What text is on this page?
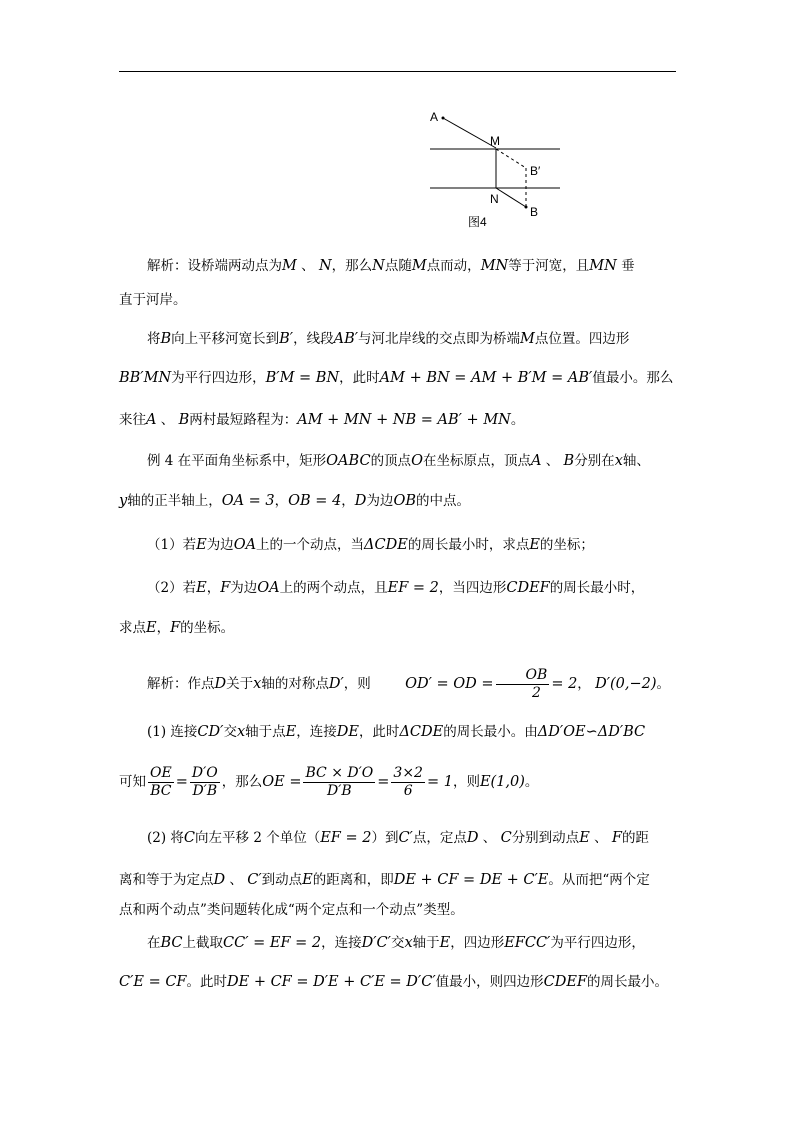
A
M
B′
N
B
图4

解析：设桥端两动点为M 、 N，那么N点随M点而动，MN等于河宽，且MN 垂

直于河岸。

将B向上平移河宽长到B′，线段AB′与河北岸线的交点即为桥端M点位置。四边形

BB′MN为平行四边形，B′M = BN，此时AM + BN = AM + B′M = AB′值最小。那么

来往A 、 B两村最短路程为：AM + MN + NB = AB′ + MN。

例 4 在平面角坐标系中，矩形OABC的顶点O在坐标原点，顶点A 、 B分别在x轴、

y轴的正半轴上，OA = 3，OB = 4，D为边OB的中点。

（1）若E为边OA上的一个动点，当ΔCDE的周长最小时，求点E的坐标；

（2）若E，F为边OA上的两个动点，且EF = 2，当四边形CDEF的周长最小时，

求点E，F的坐标。

解析：作点D关于x轴的对称点D′，则 OD′ = OD = $\frac{OB}{2} = 2$， D′(0,−2)。

(1) 连接CD′交x轴于点E，连接DE，此时ΔCDE的周长最小。由ΔD′OE∽ΔD′BC

可知 $\frac{OE}{BC} = \frac{D'O}{D'B}$ ，那么OE = $\frac{BC \times D'O}{D'B} = \frac{3\times 2}{6} = 1$，则E(1,0)。

(2) 将C向左平移 2 个单位（EF = 2）到C′点，定点D 、 C分别到动点E 、 F的距

离和等于为定点D 、 C′到动点E的距离和，即DE + CF = DE + C′E。从而把“两个定

点和两个动点”类问题转化成“两个定点和一个动点”类型。

在BC上截取CC′ = EF = 2，连接D′C′交x轴于E，四边形EFCC′为平行四边形，

C′E = CF。此时DE + CF = D′E + C′E = D′C′值最小，则四边形CDEF的周长最小。
